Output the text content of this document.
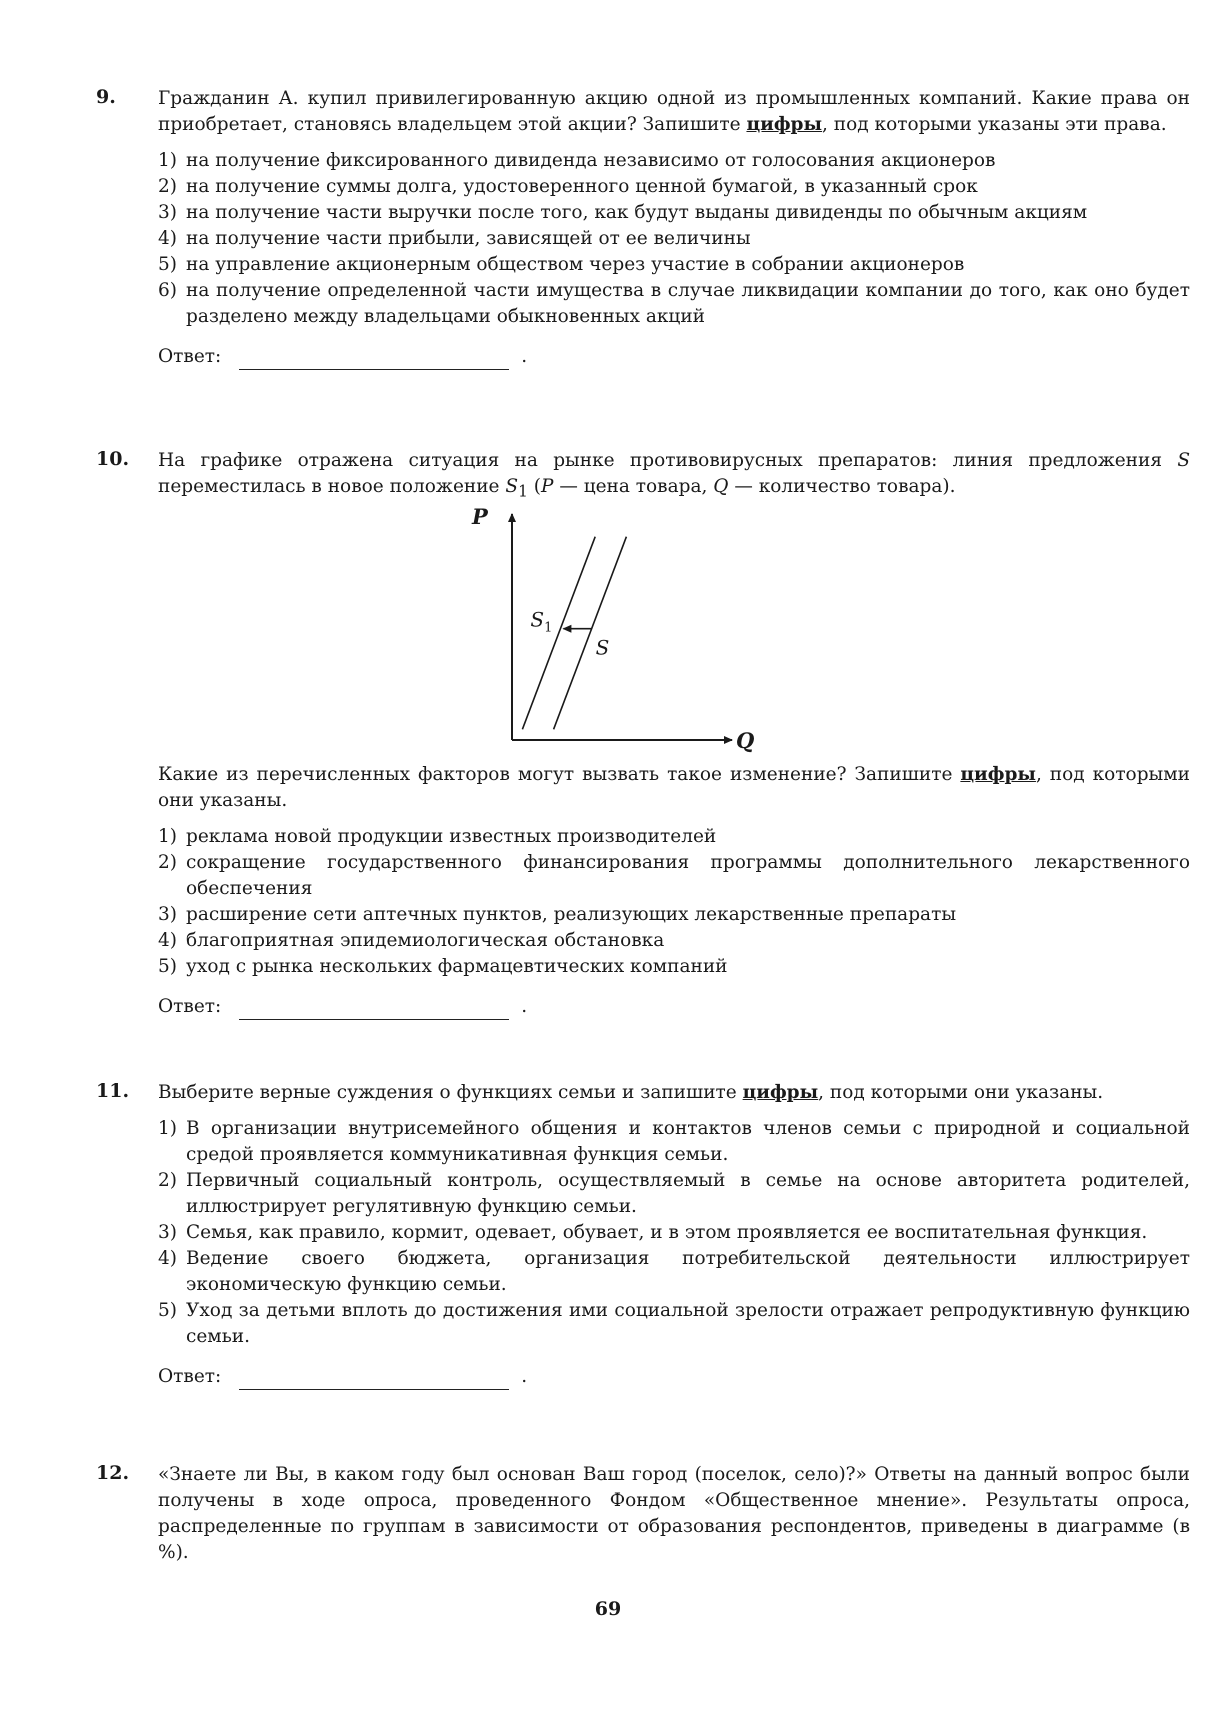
9. Гражданин А. купил привилегированную акцию одной из промышленных компаний. Какие права он приобретает, становясь владельцем этой акции? Запишите цифры, под которыми указаны эти права.

1) на получение фиксированного дивиденда независимо от голосования акционеров
2) на получение суммы долга, удостоверенного ценной бумагой, в указанный срок
3) на получение части выручки после того, как будут выданы дивиденды по обычным акциям
4) на получение части прибыли, зависящей от ее величины
5) на управление акционерным обществом через участие в собрании акционеров
6) на получение определенной части имущества в случае ликвидации компании до того, как оно будет разделено между владельцами обыкновенных акций
Ответ:	.
10. На графике отражена ситуация на рынке противовирусных препаратов: линия предложения S переместилась в новое положение $S_1$ (P — цена товара, Q — количество товара).

P
Q
S
$S_1$

Какие из перечисленных факторов могут вызвать такое изменение? Запишите цифры, под которыми они указаны.

1) реклама новой продукции известных производителей
2) сокращение государственного финансирования программы дополнительного лекарственного обеспечения
3) расширение сети аптечных пунктов, реализующих лекарственные препараты
4) благоприятная эпидемиологическая обстановка
5) уход с рынка нескольких фармацевтических компаний
Ответ:	.
11. Выберите верные суждения о функциях семьи и запишите цифры, под которыми они указаны.

1) В организации внутрисемейного общения и контактов членов семьи с природной и социальной средой проявляется коммуникативная функция семьи.
2) Первичный социальный контроль, осуществляемый в семье на основе авторитета родителей, иллюстрирует регулятивную функцию семьи.
3) Семья, как правило, кормит, одевает, обувает, и в этом проявляется ее воспитательная функция.
4) Ведение своего бюджета, организация потребительской деятельности иллюстрирует экономическую функцию семьи.
5) Уход за детьми вплоть до достижения ими социальной зрелости отражает репродуктивную функцию семьи.
Ответ:	.
12. «Знаете ли Вы, в каком году был основан Ваш город (поселок, село)?» Ответы на данный вопрос были получены в ходе опроса, проведенного Фондом «Общественное мнение». Результаты опроса, распределенные по группам в зависимости от образования респондентов, приведены в диаграмме (в %).

69
